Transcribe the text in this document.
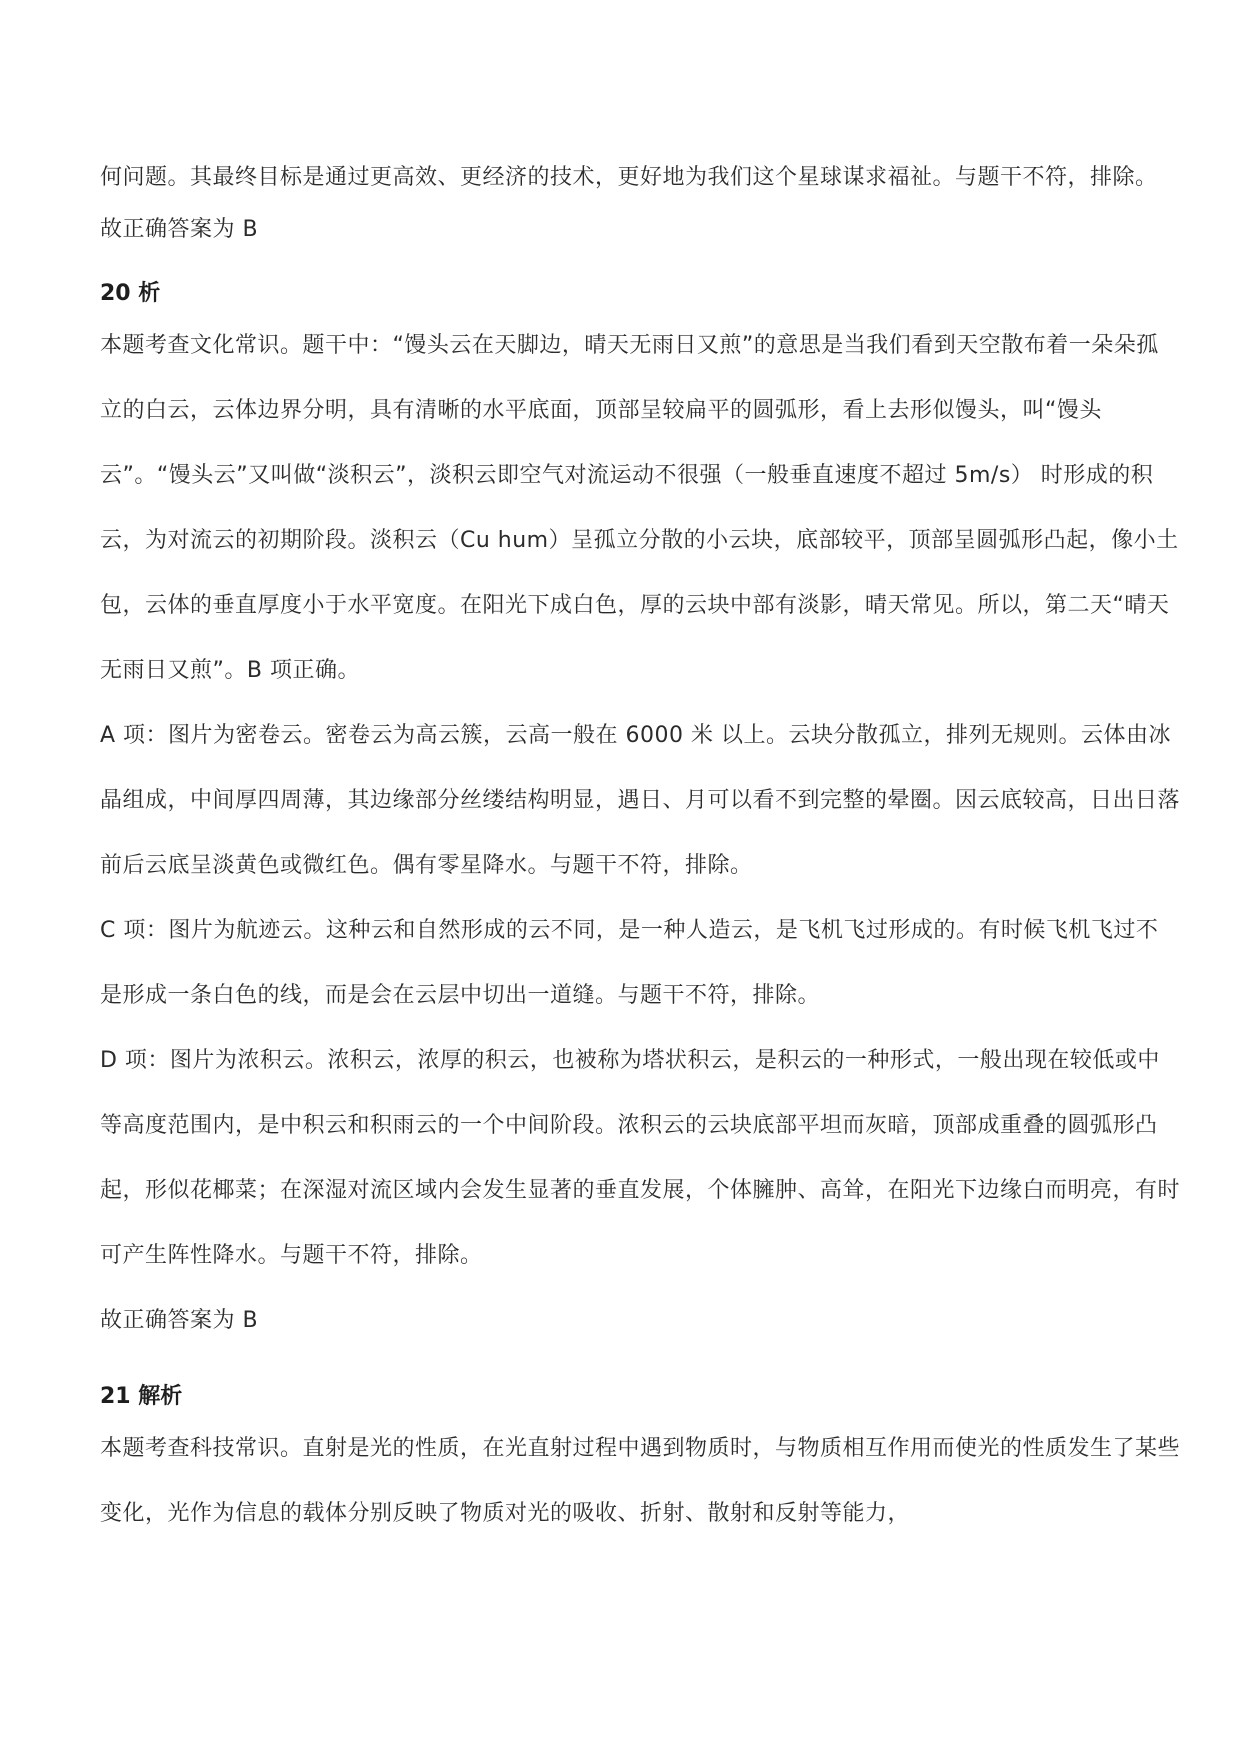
何问题。其最终目标是通过更高效、更经济的技术，更好地为我们这个星球谋求福祉。与题干不符，排除。

故正确答案为 B

20 析

本题考查文化常识。题干中：“馒头云在天脚边，晴天无雨日又煎”的意思是当我们看到天空散布着一朵朵孤立的白云，云体边界分明，具有清晰的水平底面，顶部呈较扁平的圆弧形，看上去形似馒头，叫“馒头云”。“馒头云”又叫做“淡积云”，淡积云即空气对流运动不很强（一般垂直速度不超过 5m/s） 时形成的积云，为对流云的初期阶段。淡积云（Cu hum）呈孤立分散的小云块，底部较平，顶部呈圆弧形凸起，像小土包，云体的垂直厚度小于水平宽度。在阳光下成白色，厚的云块中部有淡影，晴天常见。所以，第二天“晴天无雨日又煎”。B 项正确。

A 项：图片为密卷云。密卷云为高云簇，云高一般在 6000 米 以上。云块分散孤立，排列无规则。云体由冰晶组成，中间厚四周薄，其边缘部分丝缕结构明显，遇日、月可以看不到完整的晕圈。因云底较高，日出日落前后云底呈淡黄色或微红色。偶有零星降水。与题干不符，排除。

C 项：图片为航迹云。这种云和自然形成的云不同，是一种人造云，是飞机飞过形成的。有时候飞机飞过不是形成一条白色的线，而是会在云层中切出一道缝。与题干不符，排除。

D 项：图片为浓积云。浓积云，浓厚的积云，也被称为塔状积云，是积云的一种形式，一般出现在较低或中等高度范围内，是中积云和积雨云的一个中间阶段。浓积云的云块底部平坦而灰暗，顶部成重叠的圆弧形凸起，形似花椰菜；在深湿对流区域内会发生显著的垂直发展，个体臃肿、高耸，在阳光下边缘白而明亮，有时可产生阵性降水。与题干不符，排除。

故正确答案为 B

21 解析

本题考查科技常识。直射是光的性质，在光直射过程中遇到物质时，与物质相互作用而使光的性质发生了某些变化，光作为信息的载体分别反映了物质对光的吸收、折射、散射和反射等能力，
